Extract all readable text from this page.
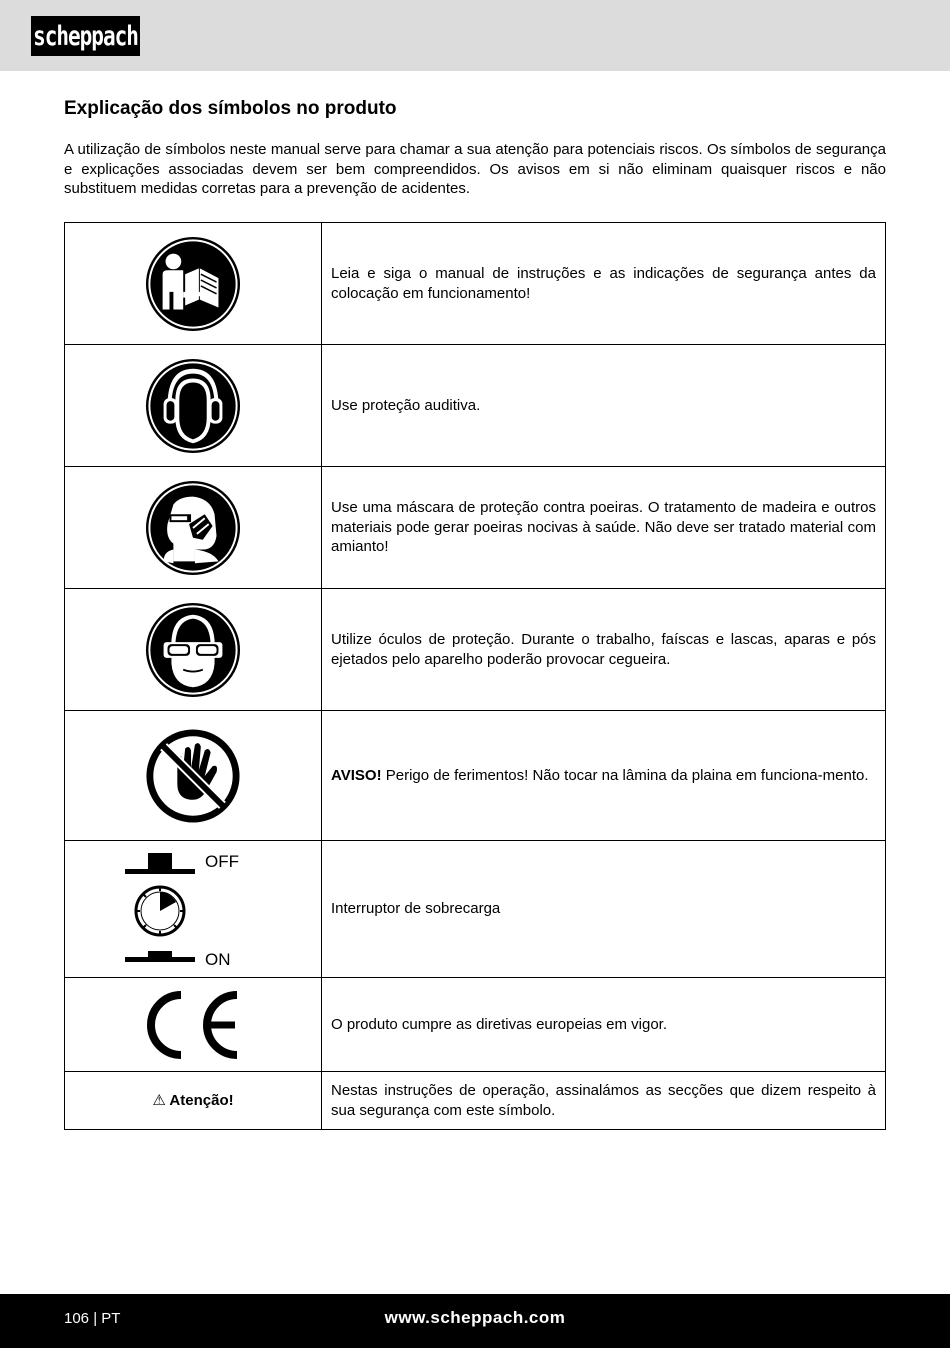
scheppach
Explicação dos símbolos no produto

A utilização de símbolos neste manual serve para chamar a sua atenção para potenciais riscos. Os símbolos de segurança e explicações associadas devem ser bem compreendidos. Os avisos em si não eliminam quaisquer riscos e não substituem medidas corretas para a prevenção de acidentes.

	Leia e siga o manual de instruções e as indicações de segurança antes da colocação em funcionamento!

	Use proteção auditiva.

	Use uma máscara de proteção contra poeiras. O tratamento de madeira e outros materiais pode gerar poeiras nocivas à saúde. Não deve ser tratado material com amianto!

	Utilize óculos de proteção. Durante o trabalho, faíscas e lascas, aparas e pós ejetados pelo aparelho poderão provocar cegueira.

	AVISO! Perigo de ferimentos! Não tocar na lâmina da plaina em funciona-mento.

OFF
ON	Interruptor de sobrecarga

	O produto cumpre as diretivas europeias em vigor.
⚠ Atenção!	Nestas instruções de operação, assinalámos as secções que dizem respeito à sua segurança com este símbolo.
106 | PT	www.scheppach.com
